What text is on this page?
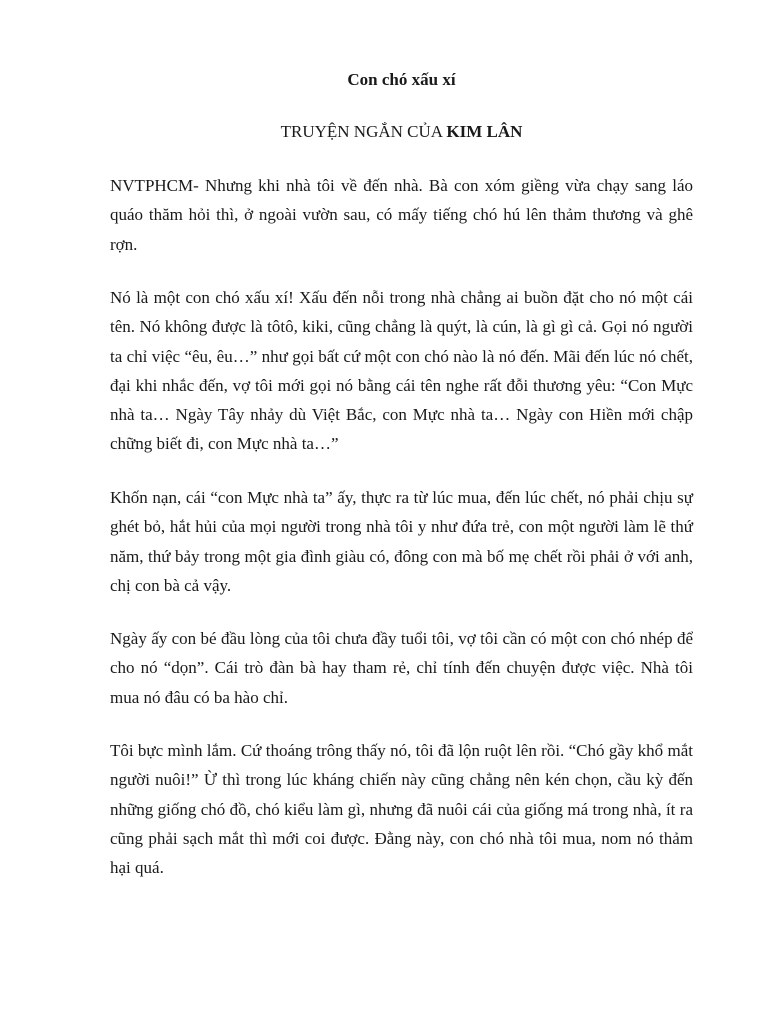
Con chó xấu xí

TRUYỆN NGẮN CỦA KIM LÂN

NVTPHCM- Nhưng khi nhà tôi về đến nhà. Bà con xóm giềng vừa chạy sang láo quáo thăm hỏi thì, ở ngoài vườn sau, có mấy tiếng chó hú lên thảm thương và ghê rợn.

Nó là một con chó xấu xí! Xấu đến nỗi trong nhà chẳng ai buồn đặt cho nó một cái tên. Nó không được là tôtô, kiki, cũng chẳng là quýt, là cún, là gì gì cả. Gọi nó người ta chỉ việc “êu, êu…” như gọi bất cứ một con chó nào là nó đến. Mãi đến lúc nó chết, đại khi nhắc đến, vợ tôi mới gọi nó bằng cái tên nghe rất đỗi thương yêu: “Con Mực nhà ta… Ngày Tây nhảy dù Việt Bắc, con Mực nhà ta… Ngày con Hiền mới chập chững biết đi, con Mực nhà ta…”

Khốn nạn, cái “con Mực nhà ta” ấy, thực ra từ lúc mua, đến lúc chết, nó phải chịu sự ghét bỏ, hắt hủi của mọi người trong nhà tôi y như đứa trẻ, con một người làm lẽ thứ năm, thứ bảy trong một gia đình giàu có, đông con mà bố mẹ chết rồi phải ở với anh, chị con bà cả vậy.

Ngày ấy con bé đầu lòng của tôi chưa đầy tuổi tôi, vợ tôi cần có một con chó nhép để cho nó “dọn”. Cái trò đàn bà hay tham rẻ, chỉ tính đến chuyện được việc. Nhà tôi mua nó đâu có ba hào chỉ.

Tôi bực mình lắm. Cứ thoáng trông thấy nó, tôi đã lộn ruột lên rồi. “Chó gầy khổ mắt người nuôi!” Ừ thì trong lúc kháng chiến này cũng chẳng nên kén chọn, cầu kỳ đến những giống chó đồ, chó kiểu làm gì, nhưng đã nuôi cái của giống má trong nhà, ít ra cũng phải sạch mắt thì mới coi được. Đằng này, con chó nhà tôi mua, nom nó thảm hại quá.
